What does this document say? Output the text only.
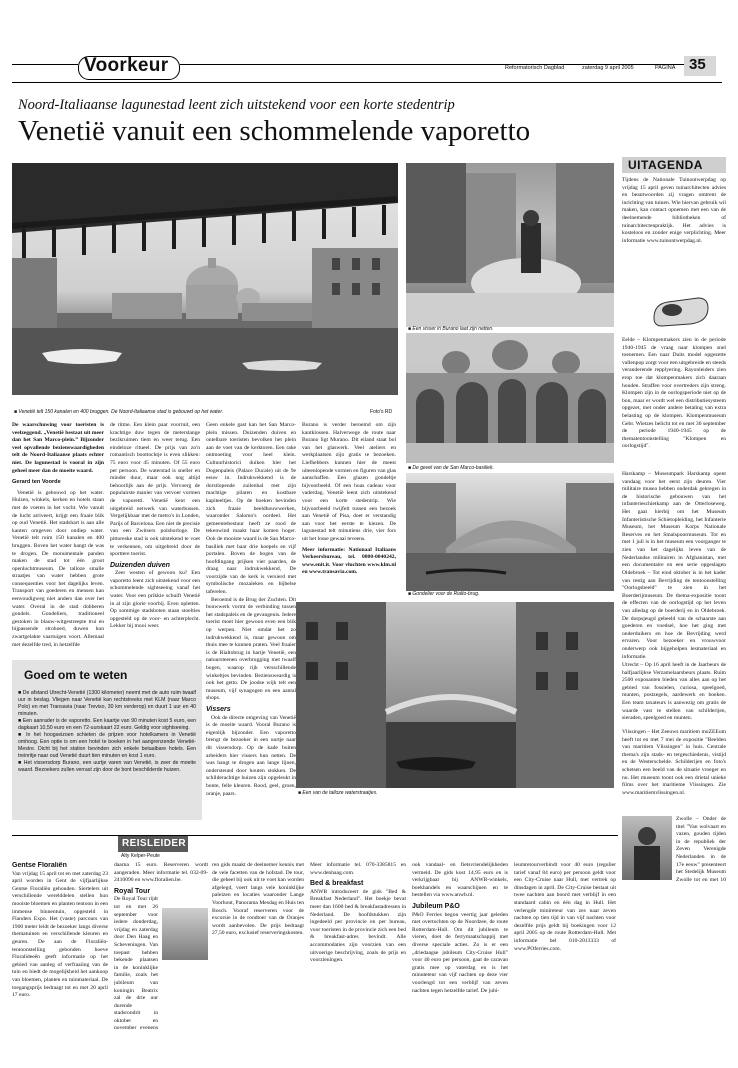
Voorkeur	Reformatorisch Dagblad	zaterdag 9 april 2005	PAGINA 35
Noord-Italiaanse lagunestad leent zich uitstekend voor een korte stedentrip
Venetië vanuit een schommelende vaporetto
■ Venetië telt 150 kanalen en 400 bruggen. De Noord-Italiaanse stad is gebouwd op het water.	Foto's RD
■ Een visser in Burano laat zijn netten.
■ De gevel van de San Marco-basiliek.
■ Gondelier voor de Rialto-brug.
■ Een van de talloze waterstraatjes.

De waarschuwing voor toeristen is veelzeggend. „Venetië bestaat uit meer dan het San Marco-plein.” Bijzonder veel opvallende bezienswaardigheden telt de Noord-Italiaanse plaats echter niet. De lagunestad is vooral in zijn geheel meer dan de moeite waard.

Gerard ten Voorde

Venetië is gebouwd op het water. Huizen, winkels, kerken en hotels staan met de voeten in het vocht. Wie vanuit de lucht arriveert, krijgt een fraaie blik op oud Venetië. Het stadshart is aan alle kanten omgeven door ondiep water. Venetië telt ruim 150 kanalen en 400 bruggen. Boven het water hangt de was te drogen. De monumentale panden maken de stad tot één groot openluchtmuseum. De talloze smalle straatjes van water hebben grote consequenties voor het dagelijks leven. Transport van goederen en mensen kan eenvoudigweg niet anders dan over het water. Overal in de stad dobberen gondels. Gondeliers, traditioneel gestoken in blauw-witgestreepte trui en bijpassende strohoed, duwen hun zwartgelakte vaartuigen voort. Allemaal met dezelfde tred, in hetzelfde

de ritme. Een klein paar voorruit, een krachtige duw tegen de meterslange bezikruimen tiem en weer terug. Een eindeloze ritueel. De prijs van zo'n romantisch boottochtje is even slikken: 75 euro voor 45 minuten. Of 55 euro per persoon. De waterstad is sneller en minder duur, maar ook nog altijd behoorlijk aan de prijs. Vervoerg de populairste manier van vervoer vormen de vaporetti. Venetië kent een uitgebreid netwerk van waterbussen. Vergelijkbaar met de metro's in Londen, Parijs of Barcelona. Een niet de precisie van een Zwitsers polshorloge. De pittoreske stad is ook uitstekend te voet te verkennen, om uitgebreid door de sporttere toerist.

Duizenden duiven

Zeer westen of gewoon ku? Een vaporetto leent zich uitstekend voor een schommelende sightseeing vanaf het water. Voor een prikkie schuift Venetië in al zijn glorie voorbij. Even opletten. Op sommige stadsboten staan stoelties opgesteld op de voor- en achterplecht. Lekker bij mooi weer.

Geen enkele gast kan het San Marco-plein missen. Duizenden duiven en ontelbare toeristen bevolken het plein aan de voet van de kerktoren. Een rake ontmoeting voor heel klein. Cultuurhistorici duiken hier het Dogenpaleis (Palace Ducale) uit de 9e eeuw in. Indrukwekkend is de dorstlopende zuilenhal met zijn machtige pilaren en kostbare kapiteeltjes. Op de hoeken bevinden zich fraaie beeldhouwwerken, waaronder Salomo's oordeel. Het gemeentebestuur heeft ze rood de tekenwind maakt haar komen hoger. Ook de mooiste waard is de San Marco-basiliek met haar drie koepels en vijf portalen. Boven de bogen van de hoofdingang prijken vier paarden, de draag naar indrukwekkend, De voorzijde van de kerk is versierd met symbolische mozaïeken en bijbelse taferelen.

Beroemd is de Brug der Zuchten. Dit bouwwerk vormt de verbinding tussen het stadspaleis en de gevangenis. Iedere toerist moet hier gewoon even een blik op werpen. Niet omdat het zo indrukwekkend is, maar gewoon om thuis mee te kunnen praten. Veel fraaier is de Rialtobrug in hartje Venetië, een natuursteenen overbrugging met twaalf bogen, waarop rijk versschillende winkeltjes bevinden. Beziensweardig is ook het getto. De joodse wijk telt een museum, vijf synagogen en een aantal shops.

Vissers

Ook de directe omgeving van Venetië is de moeite waard. Vooral Burano is eigenlijk bijzonder. Een vaporetto brengt de bezoeker in een uurtje naar dit vissersdorp. Op de kade buiten arbeiders hier vissers hun netten. De was hangt te drogen aan lange lijnen, ondersteund door houten stokken. De schilderachtige huizen zijn opgeleukt in bonte, felle kleuren. Rood, geel, groen, oranje, paars.

Burano is verder beroemd om zijn kantklossen. Halverwege de route naar Burano ligt Murano. Dit eiland staat bol van het glaswerk. Veel ateliers en werkplaatsen zijn gratis te bezoeken. Liefhebbers kunnen hier de meest uiteenlopende vormen en figuren van glas aanschaffen. Een glazen gondeltje bijvoorbeeld. Of een hoas cadeau voor vaderdag. Venetië leent zich uitstekend voor een korte stedentrip. Wie bijvoorbeeld twijfelt tussen een bezoek aan Venetië of Pisa, doet er verstandig aan voor het eerste te kiezen. De lagunestad telt minutiens drie, vier fors uit het losse gewaai teveens.

Meer informatie: Nationaal Italiaans Verkeersbureau, tel. 0800-0040242, www.enit.it. Voor vluchten www.klm.nl en www.transavia.com.

Goed om te weten

■ De afstand Utrecht-Venetië (1300 kilometer) neemt met de auto ruim twaalf uur in beslag. Vliegen naar Venetië kan rechtstreeks met KLM (naar Marco Polo) en met Transavia (naar Treviso, 30 km verderop) en duurt 1 uur en 40 minuten.

■ Een aanrader is de vaporetto. Een kaartje van 90 minuten kost 5 euro, een dagkaart 10,50 euro en een 72-uurskaart 22 euro. Geldig voor sightseeing.

■ In het hoogseizoen schieten de prijzen voor hotelkamers in Venetië omhoog. Een optie is om een hotel te boeken in het aangrenzende Venetië-Mestre. Dicht bij het station bevinden zich enkele betaalbare hotels. Een treinritje naar oud Venetië duurt tien minuten en kost 1 euro.

■ Het vissersdorp Burano, een uurtje varen van Venetië, is zeer de moeite waard. Bezoekers zullen verrast zijn door de bont beschilderde huizen.

UITAGENDA

Tijdens de Nationale Tuinontwerpdag op vrijdag 15 april geven tuinarchitecten advies en beantwoorden zij vragen omtrent de inrichting van tuinen. Wie hiervan gebruik wil maken, kan contact opnemen met een van de deelnemende bibliotheken of tuinarchitectenpraktijk. Het advies is kosteloos en zonder enige verplichting. Meer informatie www.tuinontwerpdag.nl.

Eelde – Klompenmakers zien in de periode 1940-1945 de vraag naar klompen snel toenemen. Een naar Duits model opgezette vallenpop zorgt voor een uitgebreide en steeds veranderende repplyering. Rayonleiders zien erop toe dat klompenmakers zich daaraan houden. Straffen voor overtreders zijn streng. Klompen zijn in de oorlogsperiode niet op de bon, maar er wordt wel een distributiesysteem opgezet, met onder andere betaling van extra belasting op de klompen. Klompenmuseum Gebr. Wietzes belicht tot en met 30 september de periode 1940-1945 op de thematentoonstelling "Klompen en oorlogstijd".

Harskamp – Museumpark Harskamp opent vandaag voor het eerst zijn deuren. Vier militaire musea hebben onderdak gekregen in de historische gebouwen van het infanterieschietkamp aan de Otterloseweg. Het gaat hierbij om het Museum Infanteristische Schietopleiding, het Infanterie Museum, het Museum Korps Nationale Reserves en het Smalspoormuseum. Tot en met 1 juli is in het museum een voorganger te zien van het dagelijks leven van de Nederlandse militairen in Afghanistan, met een documentaire en een serie opgeslagen

Oldebroek – Tot eind oktober is in het kader van restig aan Bevrijding de tentoonstelling "Oorlogsbeeld" te zien in het Boerderijmuseum. De thema-expositie toont de effecten van de oorlogstijd op het leven van alledag op de boerderij en in Oldebroek. De dorpsjeugd gebeeld van de schaarste aan goederen en voedsel, hoe het ging met onderduikers en hoe de Bevrijding werd ervaren. Voor bezoeker en vrouwvoor onderwerp ook bijgeholpen lesmateriaal en informatie.

Utrecht – Op 16 april heeft in de Jaarbeurs de halfjaarlijkse Verzamelaarsbeurs plaats. Ruim 2500 exposanten bieden van alles aan op het gebied van fossielen, curiosa, speelgoed, munten, postzegels, aardewerk en boeken. Een team taxateurs is aanwezig om gratis de waarde vast te stellen van schilderijen, sieraden, speelgoed en munten.

Vlissingen – Het Zeeuws maritiem muZEEum heeft tot en met 7 mei de expositie "Beelden van maritiem Vlissingen" in huis. Centrale thema's zijn stads- en tergeschiedenis, vistijd en de Westerschelde. Schilderijen en foto's schetsen een beeld van de situatie vroeger en nu. Het museum toont ook een drietal unieke films over het maritieme Vlissingen. Zie www.maritiemvlissingen.nl.

Zwolle – Onder de titel "Van wolvaart en vazen, gouden tijden in de republiek der Zeven Verenigde Nederlanden in de 17e eeuw" presenteert het Stedelijk Museum Zwolle tot en met 10

REISLEIDER
Alty Kelper-Peute
Gentse Floraliën

Van vrijdag 15 april tot en met zaterdag 23 april worden in Gent de vijfjaarlijkse Gentse Floraliën gehouden. Siertelers uit verschillende werelddelen stellen hun mooiste bloemen en planten tentoon in een immense binnentuin, opgesteld in Flanders Expo. Het (vaste) parcours van 1900 meter leidt de bezoeker langs diverse thematuinen en verschillende kleuren en geuren. De aan de Floraliën-tentoonstelling gebonden hoeve Floralideeën geeft informatie op het gebied van aanleg of verfraaiing van de tuin en biedt de mogelijkheid het aankoop van bloemen, planten en tuinmateriaal. De toegangsprijs bedraagt tot en met 20 april 17 euro.

daarna 15 euro. Reserveren wordt aangeraden. Meer informatie tel. 032-09-2410090 en www.floralien.be.

Royal Tour

De Royal Tour rijdt tot en met 26 september voor iedere donderdag, vrijdag en zaterdag door Den Haag en Scheveningen. Van toepast hebben bekende plaatsen in de koninklijke familie, zoals het jubileum van koningin Beatrix zal de drie uur durende stadsrondrit in oktober en november evenens

ren gids maakt de deelnemer kennis met de vele facetten van de hofstad. De tour, die geheel bij ook uit te voet kan worden afgelegd, voert langs vele koninklijke paleizen en locaties waaronder Lange Voorhout, Panorama Mesdag en Huis ten Bosch. Vooraf reserveren voor de excursie in de rondtoer van de Oranjes wordt aanbevolen. De prijs bedraagt 27,50 euro, exclusief reserveringskosten.

Meer informatie tel. 070-3385815 en www.denhaag.com.

Bed & breakfast

ANWB introduceert de gids "Bed & Breakfast Nederland". Het boekje bevat meer dan 1600 bed & breakfastadressen in Nederland. De hoofdstukken zijn ingedeeld per provincie en per bureau, voor toeristen in de provincie zich een bed & breakfast-adres bevindt. Alle accommodaties zijn voorzien van een uitvoerige beschrijving, zoals de prijs en voorzieningen.

ook vandaal- en fietsvriendelijkheden vermeld. De gids kost 14,95 euro en is verkrijgbaar bij ANWB-winkels, boekhandels en waarschijnen en te bestellen via www.anwb.nl.

Jubileum P&O

P&O Ferries begon veertig jaar geleden met overtochten op de Noordzee, de route Rotterdam-Hull. Om dit jubileum te vieren, doet de ferrymaatschappij met diverse speciale acties. Zo is er een „driedaagse jubileum City-Cruise Hull" voor 40 euro per persoon, gaat de caravan gratis mee op vaterdag en is het minuteteur van vijf nachten op deze vier voorlengd tot een verblijf van zeven nachten tegen hetzelfde tarief. De jubi-

leumretourverbindt voor 40 euro (regulier tarief vanaf 84 euro) per persoon geldt voor een City-Cruise naar Hull, met vertrek op dinsdagen in april. De City-Cruise bestaat uit twee nachten aan boord met verblijf in een standaard cabin en één dag in Hull. Het verlengde minireteur van zes naar zeven nachten op tien tijd in van vijf nachten voor dezelfde prijs geldt bij boekingen voor 12 april 2005 op de route Rotterdam-Hull. Met informatie bel 010-2013333 of www.POferries.com.
